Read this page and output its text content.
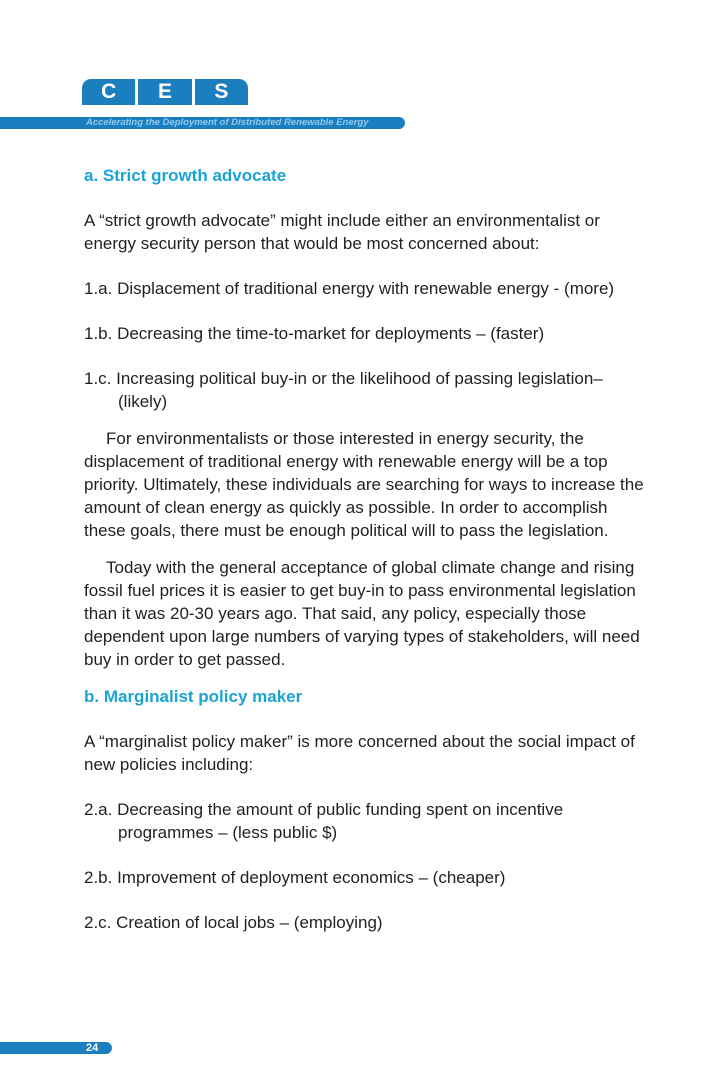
C	E	S
Accelerating the Deployment of Distributed Renewable Energy
a. Strict growth advocate

A “strict growth advocate” might include either an environmentalist or energy security person that would be most concerned about:

1.a. Displacement of traditional energy with renewable energy - (more)

1.b. Decreasing the time-to-market for deployments – (faster)

1.c. Increasing political buy-in or the likelihood of passing legislation– (likely)

For environmentalists or those interested in energy security, the displacement of traditional energy with renewable energy will be a top priority. Ultimately, these individuals are searching for ways to increase the amount of clean energy as quickly as possible. In order to accomplish these goals, there must be enough political will to pass the legislation.

Today with the general acceptance of global climate change and rising fossil fuel prices it is easier to get buy-in to pass environmental legislation than it was 20-30 years ago. That said, any policy, especially those dependent upon large numbers of varying types of stakeholders, will need buy in order to get passed.

b. Marginalist policy maker

A “marginalist policy maker” is more concerned about the social impact of new policies including:

2.a. Decreasing the amount of public funding spent on incentive programmes – (less public $)

2.b. Improvement of deployment economics – (cheaper)

2.c. Creation of local jobs – (employing)

24
